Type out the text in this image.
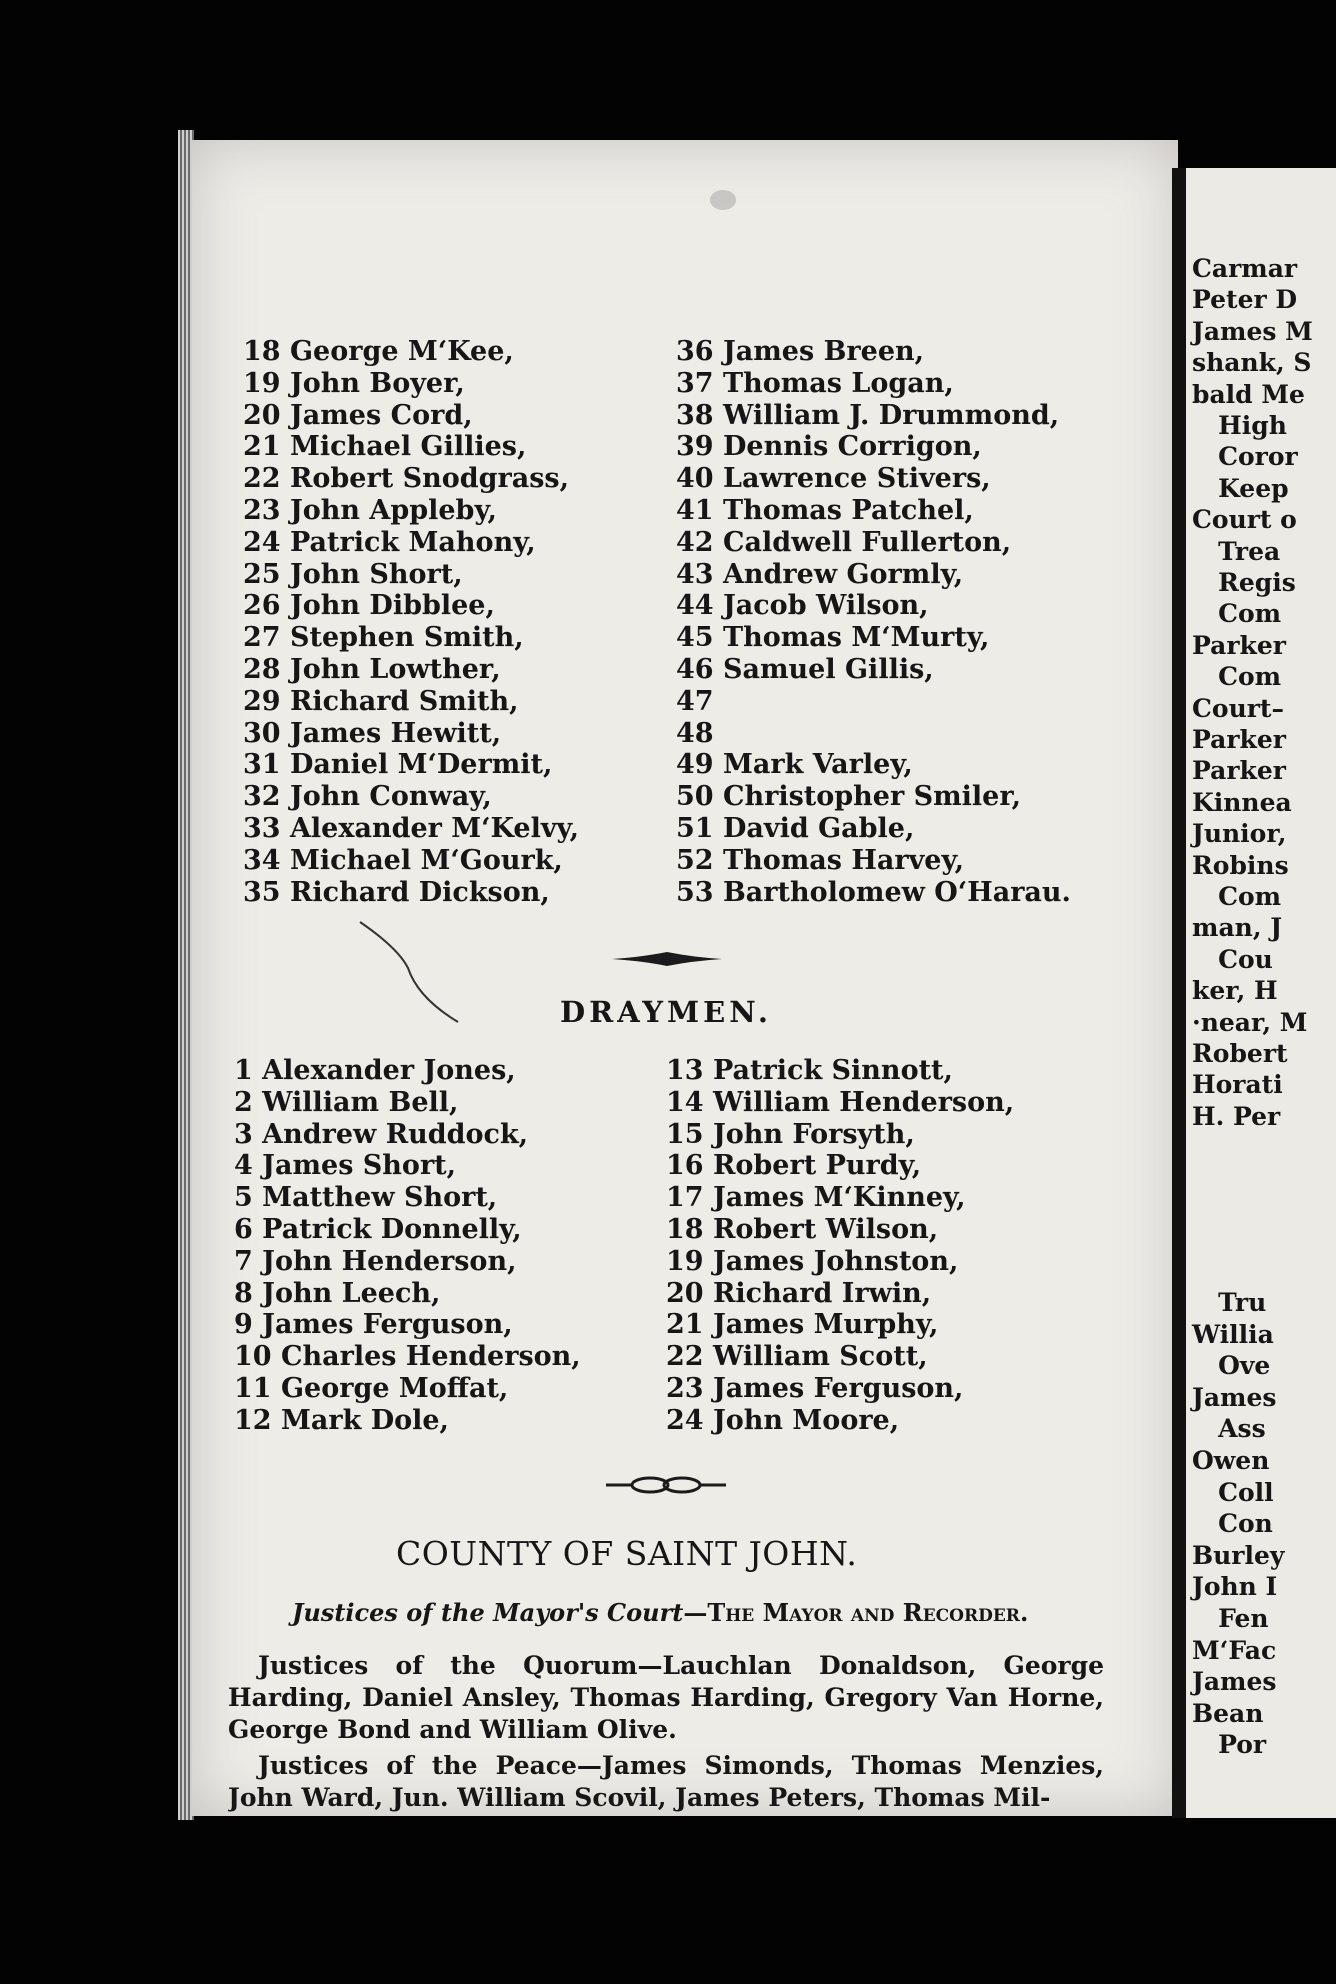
Carmar
Peter D
James M
shank, S
bald Me
High
Coror
Keep
Court o
Trea
Regis
Com
Parker
Com
Court–
Parker
Parker
Kinnea
Junior,
Robins
Com
man, J
Cou
ker, H
·near, M
Robert
Horati
H. Per
Tru
Willia
Ove
James
Ass
Owen
Coll
Con
Burley
John I
Fen
M‘Fac
James
Bean
Por
18 George M‘Kee,
19 John Boyer,
20 James Cord,
21 Michael Gillies,
22 Robert Snodgrass,
23 John Appleby,
24 Patrick Mahony,
25 John Short,
26 John Dibblee,
27 Stephen Smith,
28 John Lowther,
29 Richard Smith,
30 James Hewitt,
31 Daniel M‘Dermit,
32 John Conway,
33 Alexander M‘Kelvy,
34 Michael M‘Gourk,
35 Richard Dickson,
36 James Breen,
37 Thomas Logan,
38 William J. Drummond,
39 Dennis Corrigon,
40 Lawrence Stivers,
41 Thomas Patchel,
42 Caldwell Fullerton,
43 Andrew Gormly,
44 Jacob Wilson,
45 Thomas M‘Murty,
46 Samuel Gillis,
47
48
49 Mark Varley,
50 Christopher Smiler,
51 David Gable,
52 Thomas Harvey,
53 Bartholomew O‘Harau.
DRAYMEN.
1 Alexander Jones,
2 William Bell,
3 Andrew Ruddock,
4 James Short,
5 Matthew Short,
6 Patrick Donnelly,
7 John Henderson,
8 John Leech,
9 James Ferguson,
10 Charles Henderson,
11 George Moffat,
12 Mark Dole,
13 Patrick Sinnott,
14 William Henderson,
15 John Forsyth,
16 Robert Purdy,
17 James M‘Kinney,
18 Robert Wilson,
19 James Johnston,
20 Richard Irwin,
21 James Murphy,
22 William Scott,
23 James Ferguson,
24 John Moore,
COUNTY OF SAINT JOHN.
Justices of the Mayor's Court—The Mayor and Recorder.
Justices of the Quorum—Lauchlan Donaldson, George Harding, Daniel Ansley, Thomas Harding, Gregory Van Horne, George Bond and William Olive.
Justices of the Peace—James Simonds, Thomas Menzies, John Ward, Jun. William Scovil, James Peters, Thomas Mil-
